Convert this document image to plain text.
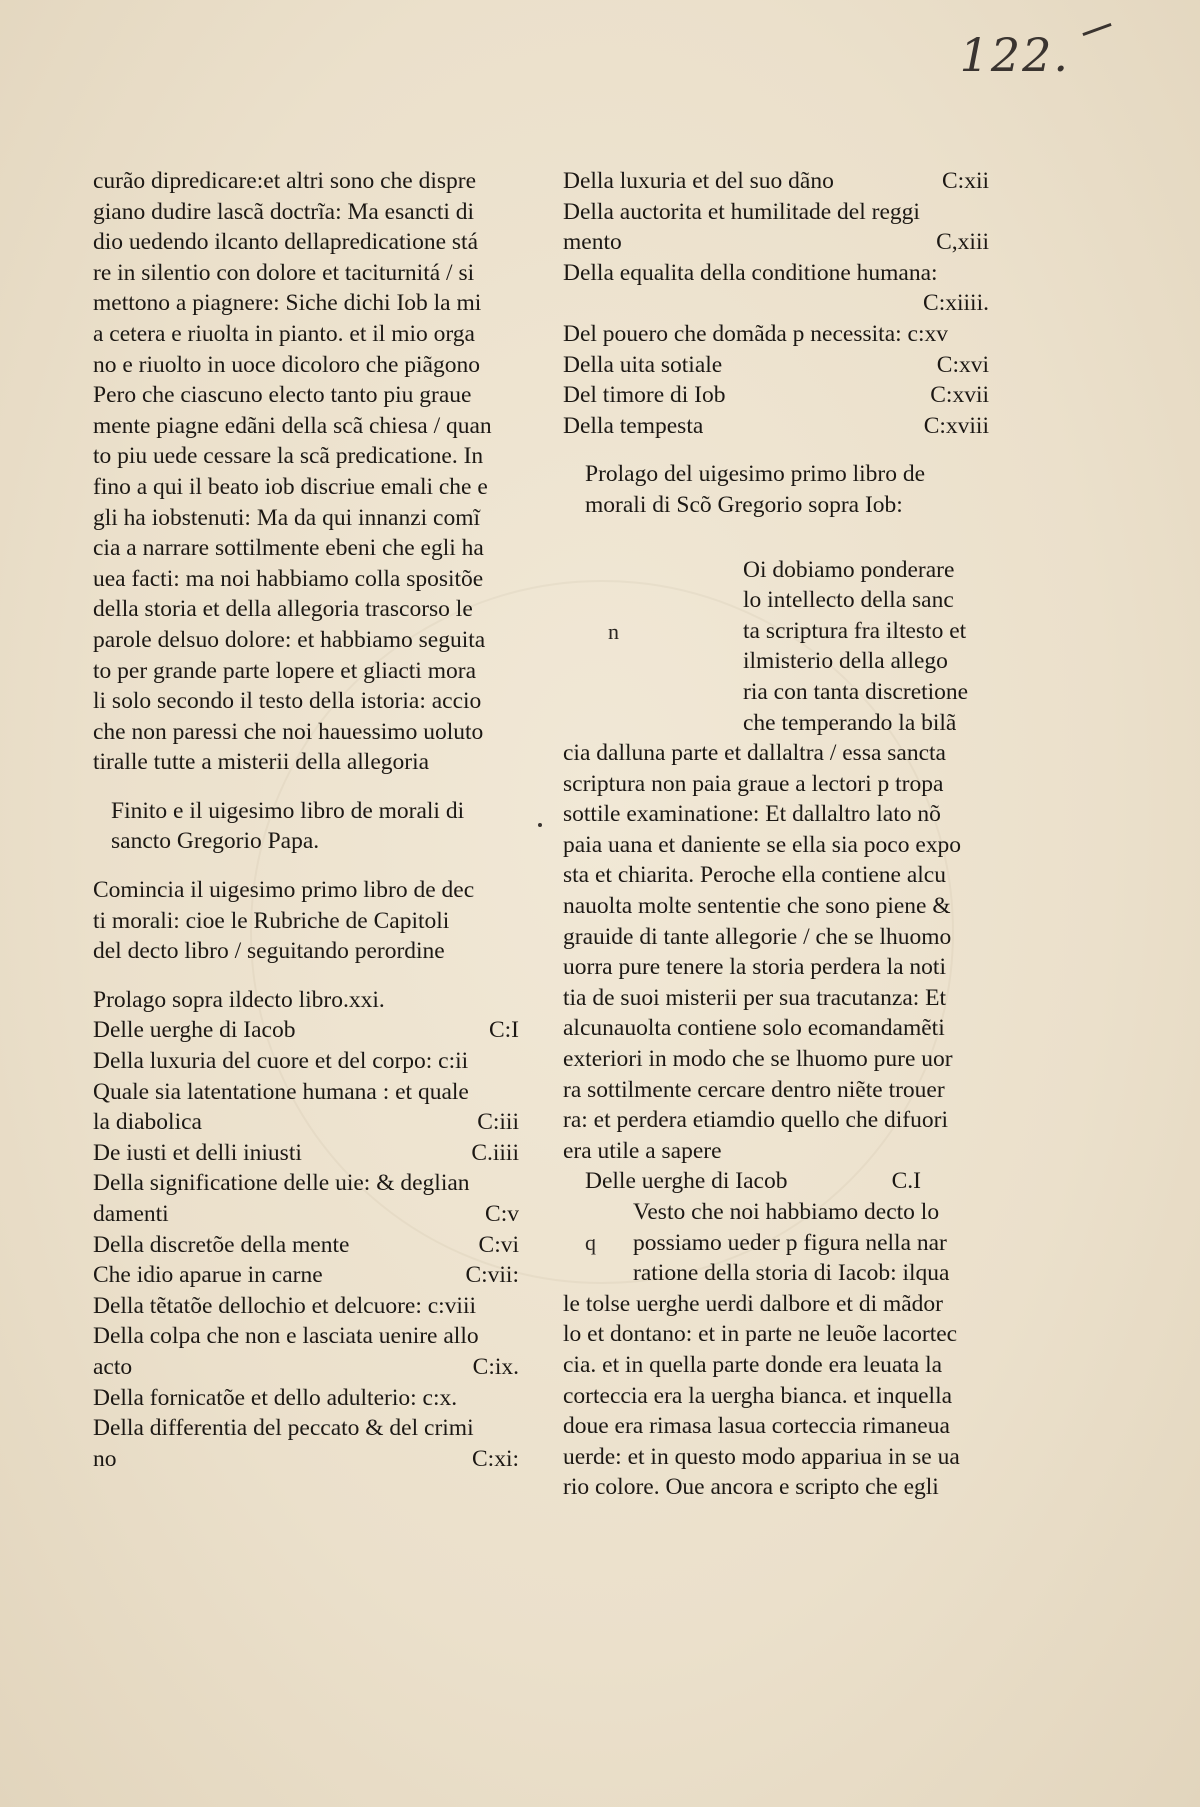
122.
curão dipredicare:et altri sono che dispre
giano dudire lascã doctrĩa: Ma esancti di
dio uedendo ilcanto dellapredicatione stá
re in silentio con dolore et taciturnitá / si
mettono a piagnere: Siche dichi Iob la mi
a cetera e riuolta in pianto. et il mio orga
no e riuolto in uoce dicoloro che piãgono
Pero che ciascuno electo tanto piu graue
mente piagne edãni della scã chiesa / quan
to piu uede cessare la scã predicatione. In
fino a qui il beato iob discriue emali che e
gli ha iobstenuti: Ma da qui innanzi comĩ
cia a narrare sottilmente ebeni che egli ha
uea facti: ma noi habbiamo colla spositõe
della storia et della allegoria trascorso le
parole delsuo dolore: et habbiamo seguita
to per grande parte lopere et gliacti mora
li solo secondo il testo della istoria: accio
che non paressi che noi hauessimo uoluto
tiralle tutte a misterii della allegoria
Finito e il uigesimo libro de morali di
sancto Gregorio Papa.
Comincia il uigesimo primo libro de dec
ti morali: cioe le Rubriche de Capitoli
del decto libro / seguitando perordine
Prolago sopra ildecto libro.xxi.
Delle uerghe di Iacob	C:I
Della luxuria del cuore et del corpo: c:ii
Quale sia latentatione humana : et quale
la diabolica	C:iii
De iusti et delli iniusti	C.iiii
Della significatione delle uie: & deglian
damenti	C:v
Della discretõe della mente	C:vi
Che idio aparue in carne	C:vii:
Della tẽtatõe dellochio et delcuore: c:viii
Della colpa che non e lasciata uenire allo
acto	C:ix.
Della fornicatõe et dello adulterio: c:x.
Della differentia del peccato & del crimi
no	C:xi:
Della luxuria et del suo dãno	C:xii
Della auctorita et humilitade del reggi
mento	C,xiii
Della equalita della conditione humana:
C:xiiii.
Del pouero che domãda p necessita: c:xv
Della uita sotiale	C:xvi
Del timore di Iob	C:xvii
Della tempesta	C:xviii
Prolago del uigesimo primo libro de
morali di Scõ Gregorio sopra Iob:
n
Oi dobiamo ponderare
lo intellecto della sanc
ta scriptura fra iltesto et
ilmisterio della allego
ria con tanta discretione
che temperando la bilã
cia dalluna parte et dallaltra / essa sancta
scriptura non paia graue a lectori p tropa
sottile examinatione: Et dallaltro lato nõ
paia uana et daniente se ella sia poco expo
sta et chiarita. Peroche ella contiene alcu
nauolta molte sententie che sono piene &
grauide di tante allegorie / che se lhuomo
uorra pure tenere la storia perdera la noti
tia de suoi misterii per sua tracutanza: Et
alcunauolta contiene solo ecomandamẽti
exteriori in modo che se lhuomo pure uor
ra sottilmente cercare dentro niẽte trouer
ra: et perdera etiamdio quello che difuori
era utile a sapere
Delle uerghe di Iacob	C.I
q
Vesto che noi habbiamo decto lo
possiamo ueder p figura nella nar
ratione della storia di Iacob: ilqua
le tolse uerghe uerdi dalbore et di mãdor
lo et dontano: et in parte ne leuõe lacortec
cia. et in quella parte donde era leuata la
corteccia era la uergha bianca. et inquella
doue era rimasa lasua corteccia rimaneua
uerde: et in questo modo appariua in se ua
rio colore. Oue ancora e scripto che egli
